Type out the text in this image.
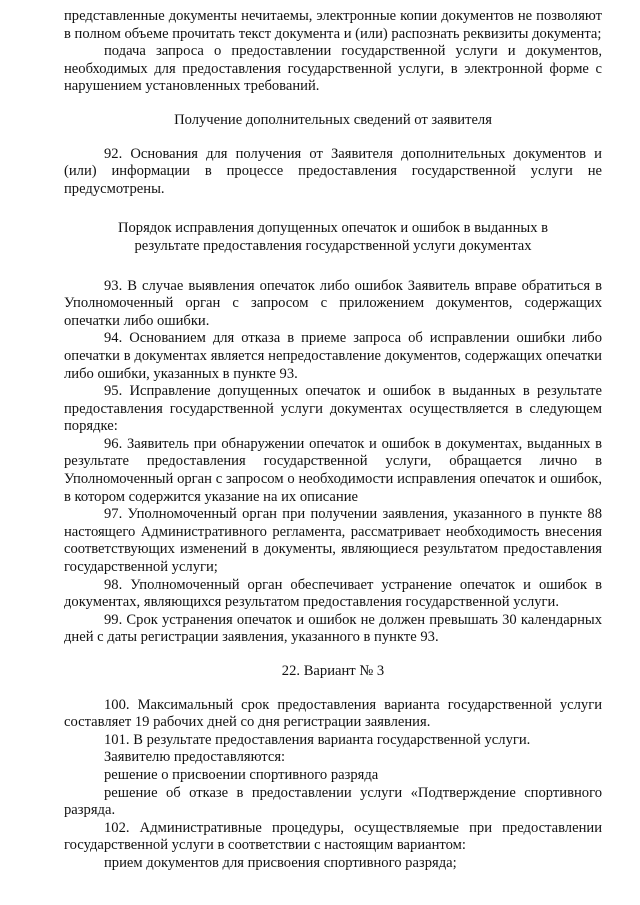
представленные документы нечитаемы, электронные копии документов не позволяют в полном объеме прочитать текст документа и (или) распознать реквизиты документа;

подача запроса о предоставлении государственной услуги и документов, необходимых для предоставления государственной услуги, в электронной форме с нарушением установленных требований.

Получение дополнительных сведений от заявителя

92. Основания для получения от Заявителя дополнительных документов и (или) информации в процессе предоставления государственной услуги не предусмотрены.

Порядок исправления допущенных опечаток и ошибок в выданных в

результате предоставления государственной услуги документах

93. В случае выявления опечаток либо ошибок Заявитель вправе обратиться в Уполномоченный орган с запросом с приложением документов, содержащих опечатки либо ошибки.

94. Основанием для отказа в приеме запроса об исправлении ошибки либо опечатки в документах является непредоставление документов, содержащих опечатки либо ошибки, указанных в пункте 93.

95. Исправление допущенных опечаток и ошибок в выданных в результате предоставления государственной услуги документах осуществляется в следующем порядке:

96. Заявитель при обнаружении опечаток и ошибок в документах, выданных в результате предоставления государственной услуги, обращается лично в Уполномоченный орган с запросом о необходимости исправления опечаток и ошибок, в котором содержится указание на их описание

97. Уполномоченный орган при получении заявления, указанного в пункте 88 настоящего Административного регламента, рассматривает необходимость внесения соответствующих изменений в документы, являющиеся результатом предоставления государственной услуги;

98. Уполномоченный орган обеспечивает устранение опечаток и ошибок в документах, являющихся результатом предоставления государственной услуги.

99. Срок устранения опечаток и ошибок не должен превышать 30 календарных дней с даты регистрации заявления, указанного в пункте 93.

22. Вариант № 3

100. Максимальный срок предоставления варианта государственной услуги составляет 19 рабочих дней со дня регистрации заявления.

101. В результате предоставления варианта государственной услуги.

Заявителю предоставляются:

решение о присвоении спортивного разряда

решение об отказе в предоставлении услуги «Подтверждение спортивного разряда.

102. Административные процедуры, осуществляемые при предоставлении государственной услуги в соответствии с настоящим вариантом:

прием документов для присвоения спортивного разряда;
